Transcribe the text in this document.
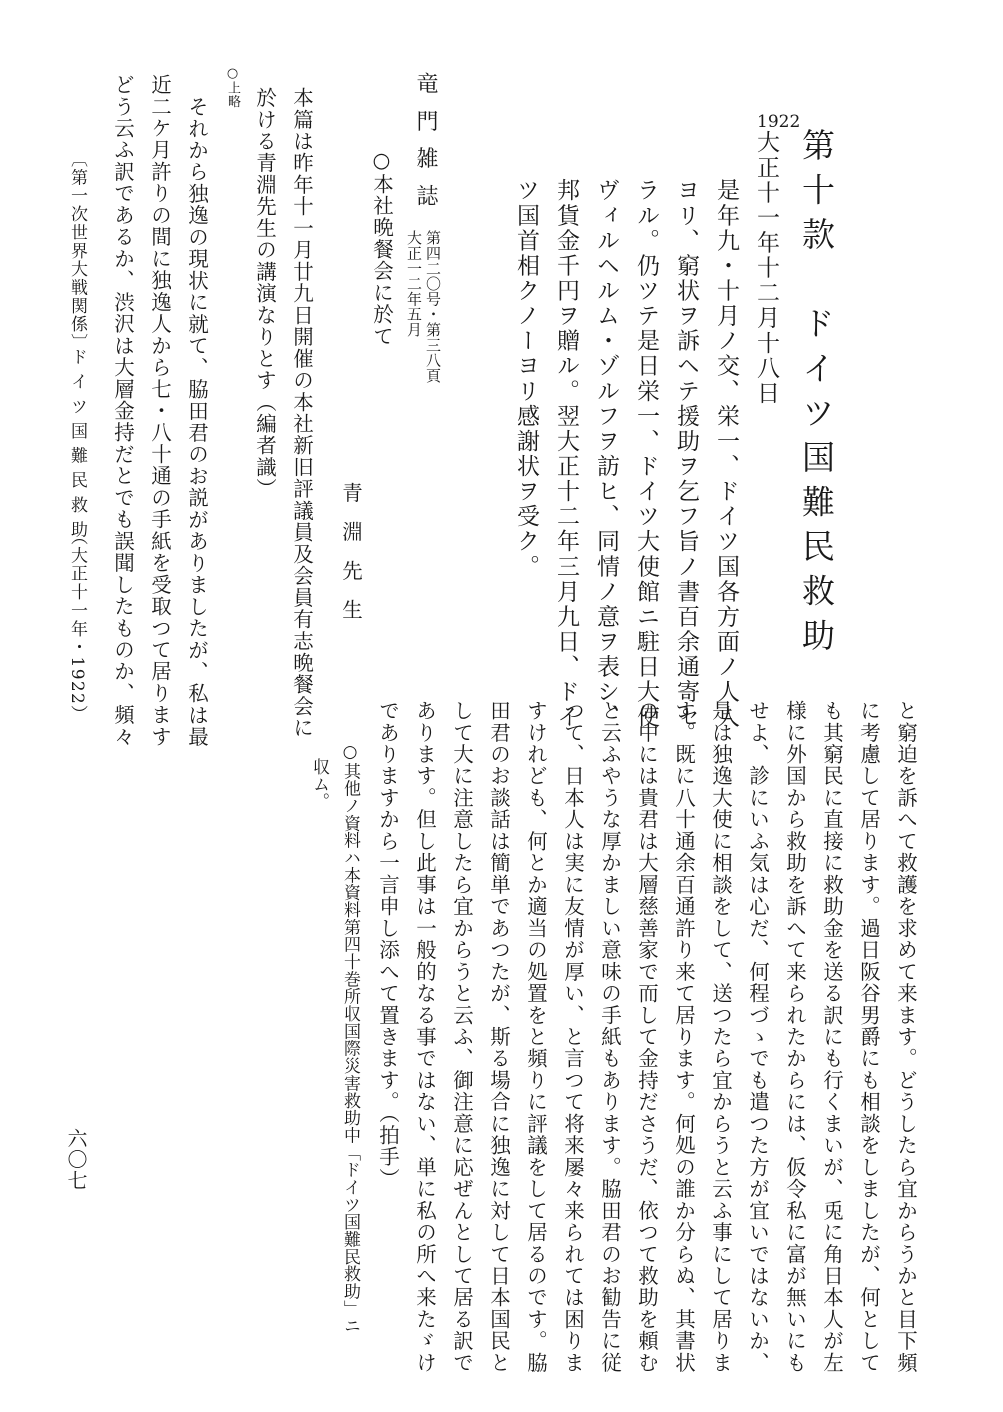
第十款　ドイツ国難民救助
1922
大正十一年十二月十八日
是年九・十月ノ交、栄一、ドイツ国各方面ノ人人
ヨリ、窮状ヲ訴ヘテ援助ヲ乞フ旨ノ書百余通寄セ
ラル。仍ツテ是日栄一、ドイツ大使館ニ駐日大使
ヴィルヘルム・ゾルフヲ訪ヒ、同情ノ意ヲ表シ、
邦貨金千円ヲ贈ル。翌大正十二年三月九日、ドイ
ツ国首相クノーヨリ感謝状ヲ受ク。
竜門雑誌
第四二〇号・第三八頁
大正一二年五月
○本社晩餐会に於て
青淵先生
本篇は昨年十一月廿九日開催の本社新旧評議員及会員有志晩餐会に
於ける青淵先生の講演なりとす（編者識）
○上略
それから独逸の現状に就て、脇田君のお説がありましたが、私は最
近二ケ月許りの間に独逸人から七・八十通の手紙を受取つて居ります
どう云ふ訳であるか、渋沢は大層金持だとでも誤聞したものか、頻々
〔第一次世界大戦関係〕
ドイツ国難民救助
（大正十一年・1922）
と窮迫を訴へて救護を求めて来ます。どうしたら宜からうかと目下頻
に考慮して居ります。過日阪谷男爵にも相談をしましたが、何として
も其窮民に直接に救助金を送る訳にも行くまいが、兎に角日本人が左
様に外国から救助を訴へて来られたからには、仮令私に富が無いにも
せよ、診にいふ気は心だ、何程づゝでも遣つた方が宜いではないか、
是は独逸大使に相談をして、送つたら宜からうと云ふ事にして居りま
す。既に八十通余百通許り来て居ります。何処の誰か分らぬ、其書状
の中には貴君は大層慈善家で而して金持ださうだ、依つて救助を頼む
と云ふやうな厚かましい意味の手紙もあります。脇田君のお勧告に従
つて、日本人は実に友情が厚い、と言つて将来屡々来られては困りま
すけれども、何とか適当の処置をと頻りに評議をして居るのです。脇
田君のお談話は簡単であつたが、斯る場合に独逸に対して日本国民と
して大に注意したら宜からうと云ふ、御注意に応ぜんとして居る訳で
あります。但し此事は一般的なる事ではない、単に私の所へ来たゞけ
でありますから一言申し添へて置きます。（拍手）
○其他ノ資料ハ本資料第四十巻所収国際災害救助中「ドイツ国難民救助」ニ
収ム。
六〇七
